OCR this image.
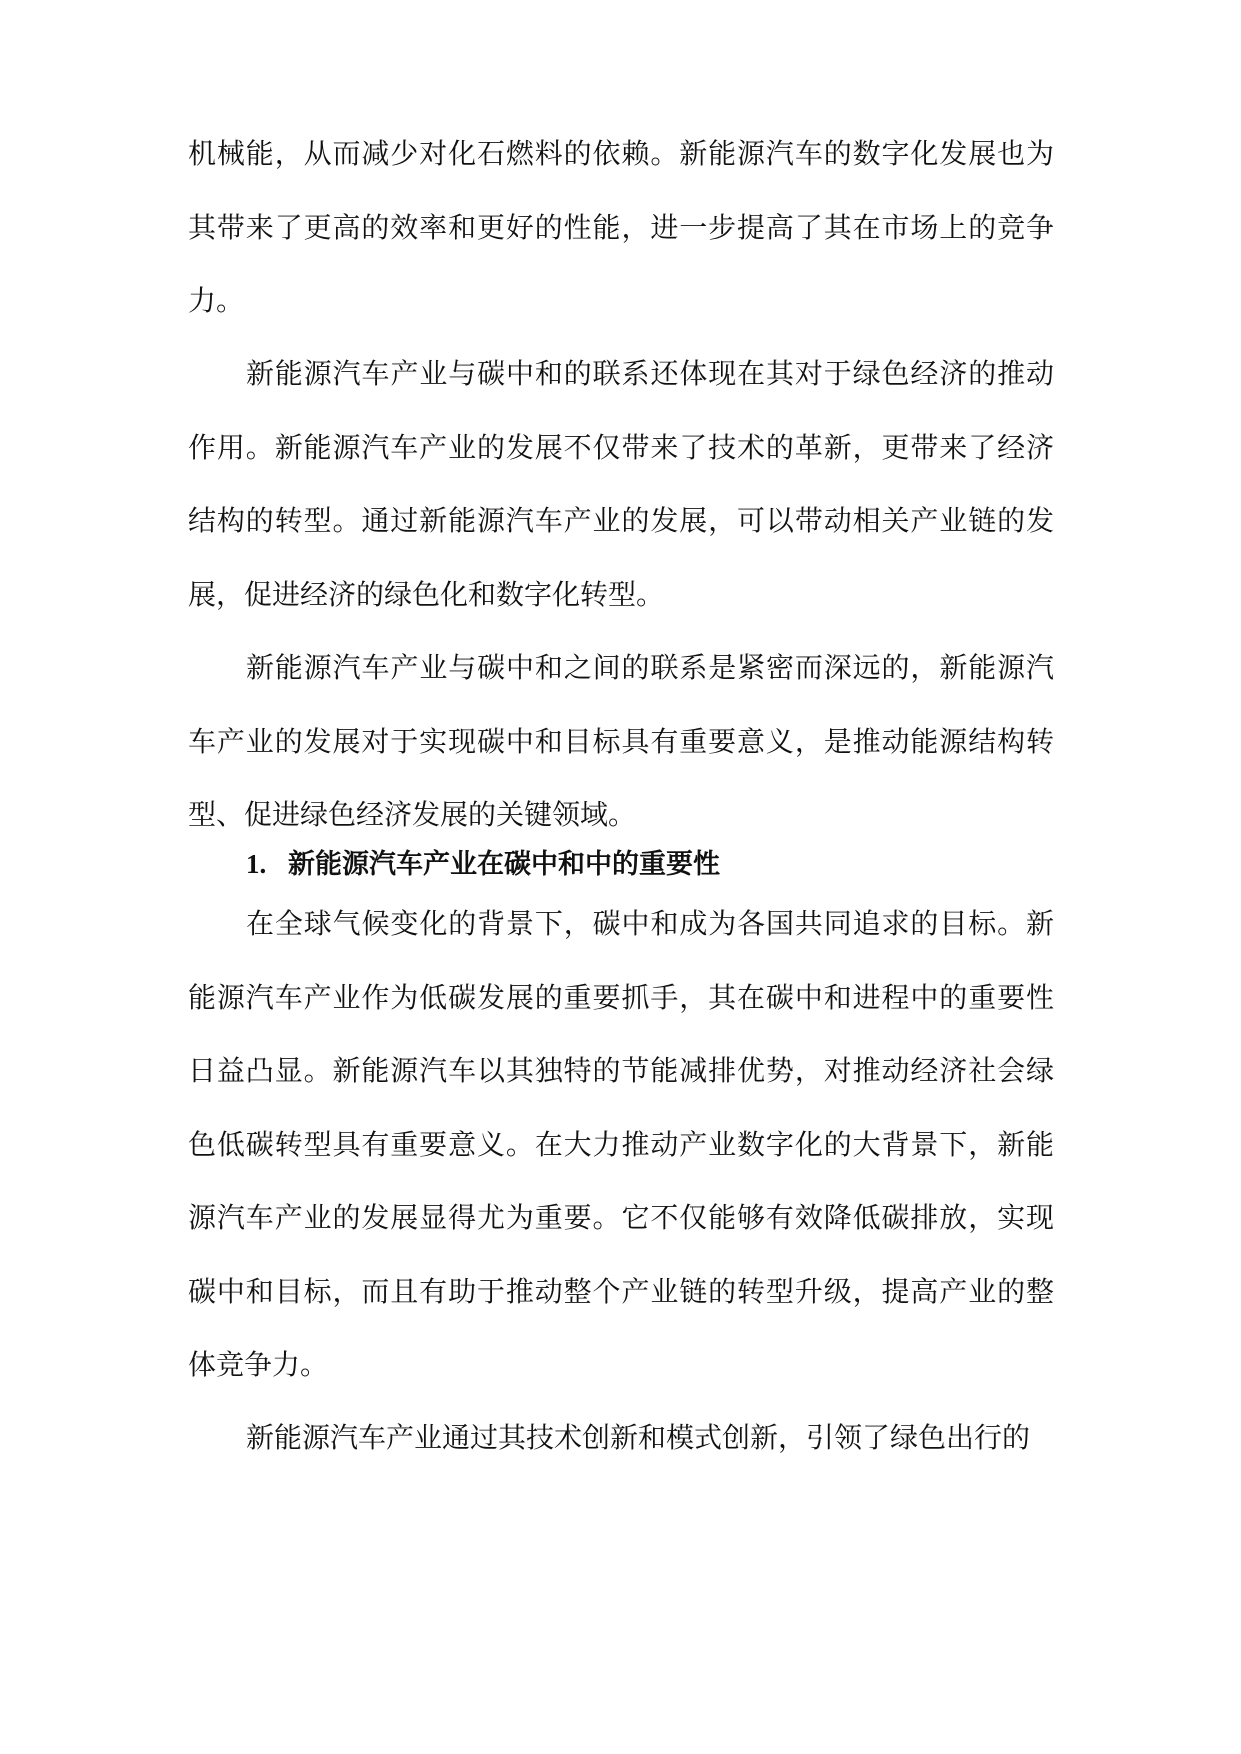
机械能，从而减少对化石燃料的依赖。新能源汽车的数字化发展也为其带来了更高的效率和更好的性能，进一步提高了其在市场上的竞争力。

新能源汽车产业与碳中和的联系还体现在其对于绿色经济的推动作用。新能源汽车产业的发展不仅带来了技术的革新，更带来了经济结构的转型。通过新能源汽车产业的发展，可以带动相关产业链的发展，促进经济的绿色化和数字化转型。

新能源汽车产业与碳中和之间的联系是紧密而深远的，新能源汽车产业的发展对于实现碳中和目标具有重要意义，是推动能源结构转型、促进绿色经济发展的关键领域。

1. 新能源汽车产业在碳中和中的重要性

在全球气候变化的背景下，碳中和成为各国共同追求的目标。新能源汽车产业作为低碳发展的重要抓手，其在碳中和进程中的重要性日益凸显。新能源汽车以其独特的节能减排优势，对推动经济社会绿色低碳转型具有重要意义。在大力推动产业数字化的大背景下，新能源汽车产业的发展显得尤为重要。它不仅能够有效降低碳排放，实现碳中和目标，而且有助于推动整个产业链的转型升级，提高产业的整体竞争力。

新能源汽车产业通过其技术创新和模式创新，引领了绿色出行的
